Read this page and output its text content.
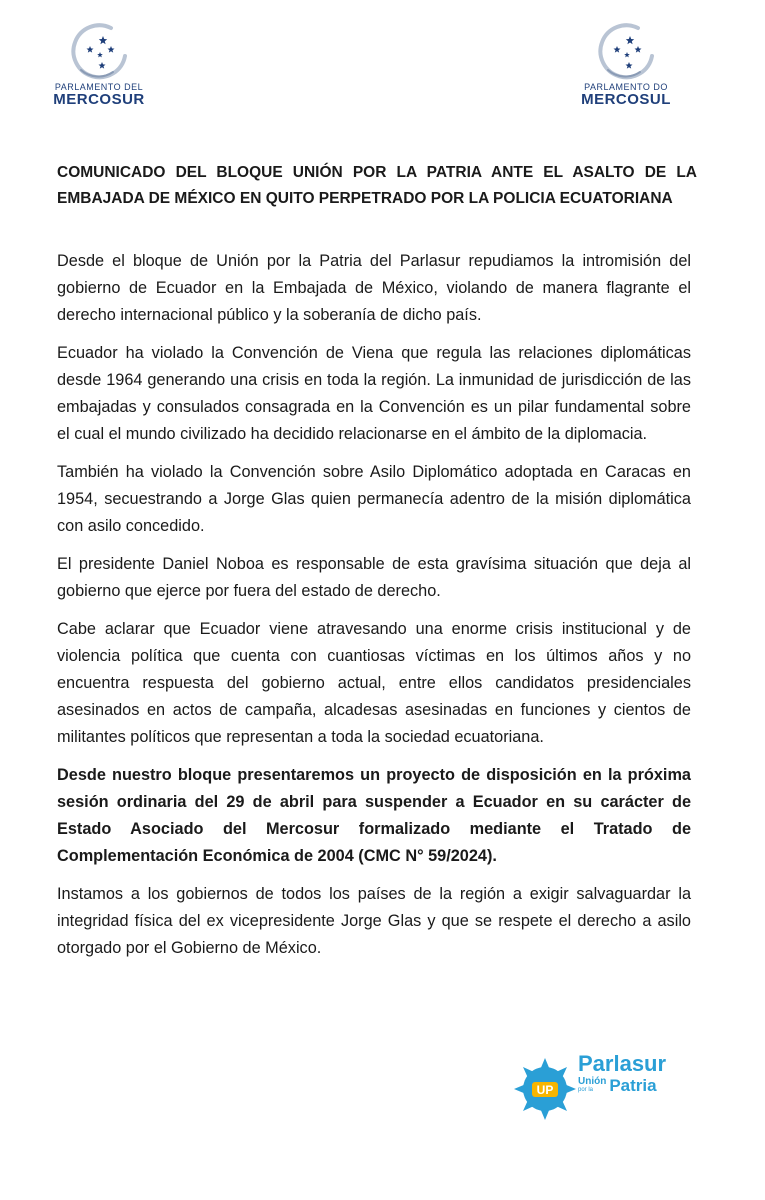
PARLAMENTO DEL
MERCOSUR
PARLAMENTO DO
MERCOSUL
COMUNICADO DEL BLOQUE UNIÓN POR LA PATRIA ANTE EL ASALTO DE LA EMBAJADA DE MÉXICO EN QUITO PERPETRADO POR LA POLICIA ECUATORIANA

Desde el bloque de Unión por la Patria del Parlasur repudiamos la intromisión del gobierno de Ecuador en la Embajada de México, violando de manera flagrante el derecho internacional público y la soberanía de dicho país.

Ecuador ha violado la Convención de Viena que regula las relaciones diplomáticas desde 1964 generando una crisis en toda la región. La inmunidad de jurisdicción de las embajadas y consulados consagrada en la Convención es un pilar fundamental sobre el cual el mundo civilizado ha decidido relacionarse en el ámbito de la diplomacia.

También ha violado la Convención sobre Asilo Diplomático adoptada en Caracas en 1954, secuestrando a Jorge Glas quien permanecía adentro de la misión diplomática con asilo concedido.

El presidente Daniel Noboa es responsable de esta gravísima situación que deja al gobierno que ejerce por fuera del estado de derecho.

Cabe aclarar que Ecuador viene atravesando una enorme crisis institucional y de violencia política que cuenta con cuantiosas víctimas en los últimos años y no encuentra respuesta del gobierno actual, entre ellos candidatos presidenciales asesinados en actos de campaña, alcadesas asesinadas en funciones y cientos de militantes políticos que representan a toda la sociedad ecuatoriana.

Desde nuestro bloque presentaremos un proyecto de disposición en la próxima sesión ordinaria del 29 de abril para suspender a Ecuador en su carácter de Estado Asociado del Mercosur formalizado mediante el Tratado de Complementación Económica de 2004 (CMC N° 59/2024).

Instamos a los gobiernos de todos los países de la región a exigir salvaguardar la integridad física del ex vicepresidente Jorge Glas y que se respete el derecho a asilo otorgado por el Gobierno de México.

UP
Parlasur
Unión
por la Patria
